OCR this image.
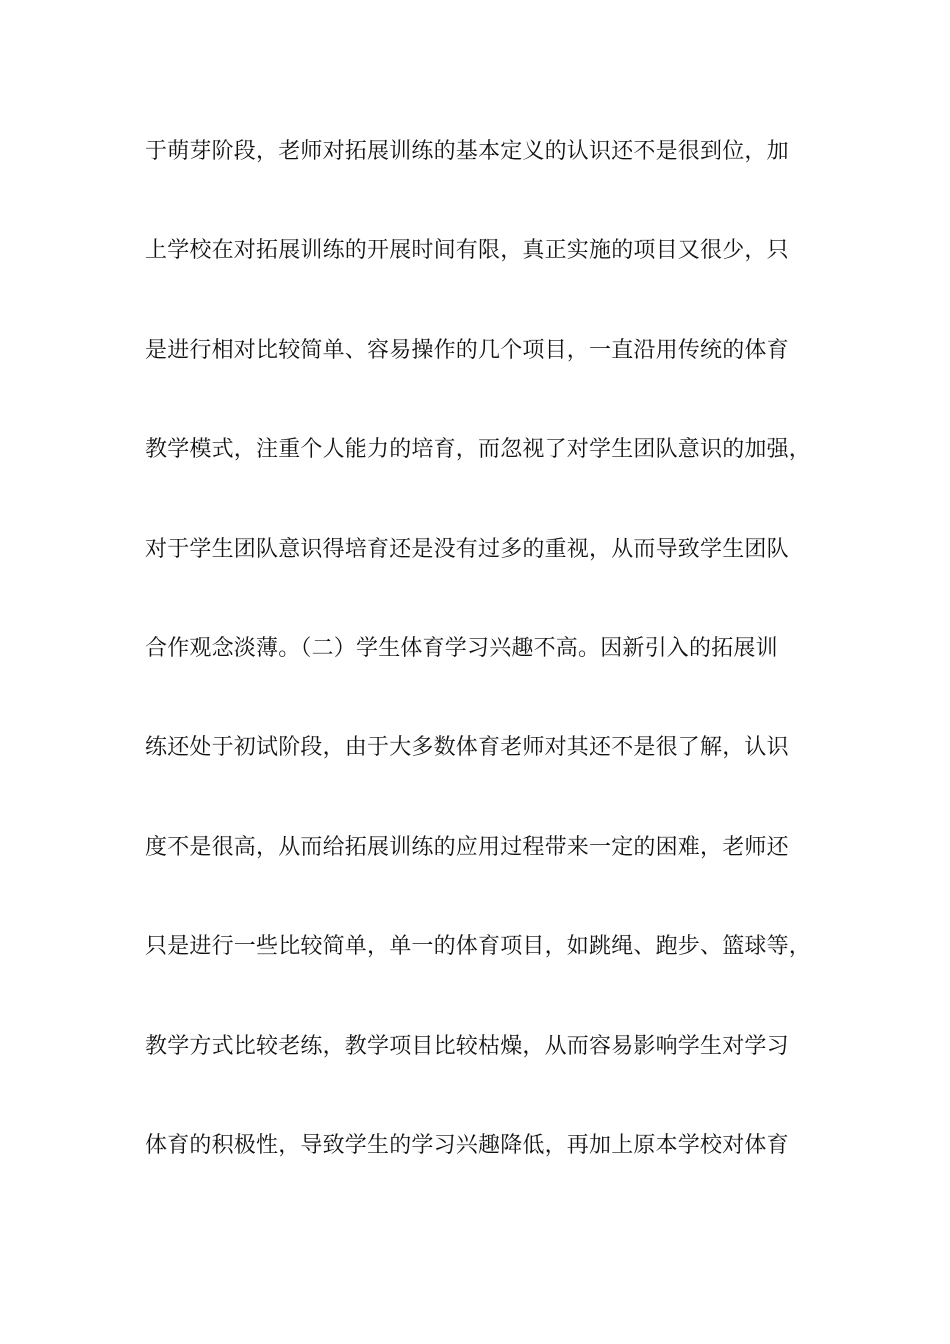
于萌芽阶段，老师对拓展训练的基本定义的认识还不是很到位，加
上学校在对拓展训练的开展时间有限，真正实施的项目又很少，只
是进行相对比较简单、容易操作的几个项目，一直沿用传统的体育
教学模式，注重个人能力的培育，而忽视了对学生团队意识的加强，
对于学生团队意识得培育还是没有过多的重视，从而导致学生团队
合作观念淡薄。（二）学生体育学习兴趣不高。因新引入的拓展训
练还处于初试阶段，由于大多数体育老师对其还不是很了解，认识
度不是很高，从而给拓展训练的应用过程带来一定的困难，老师还
只是进行一些比较简单，单一的体育项目，如跳绳、跑步、篮球等，
教学方式比较老练，教学项目比较枯燥，从而容易影响学生对学习
体育的积极性，导致学生的学习兴趣降低，再加上原本学校对体育
